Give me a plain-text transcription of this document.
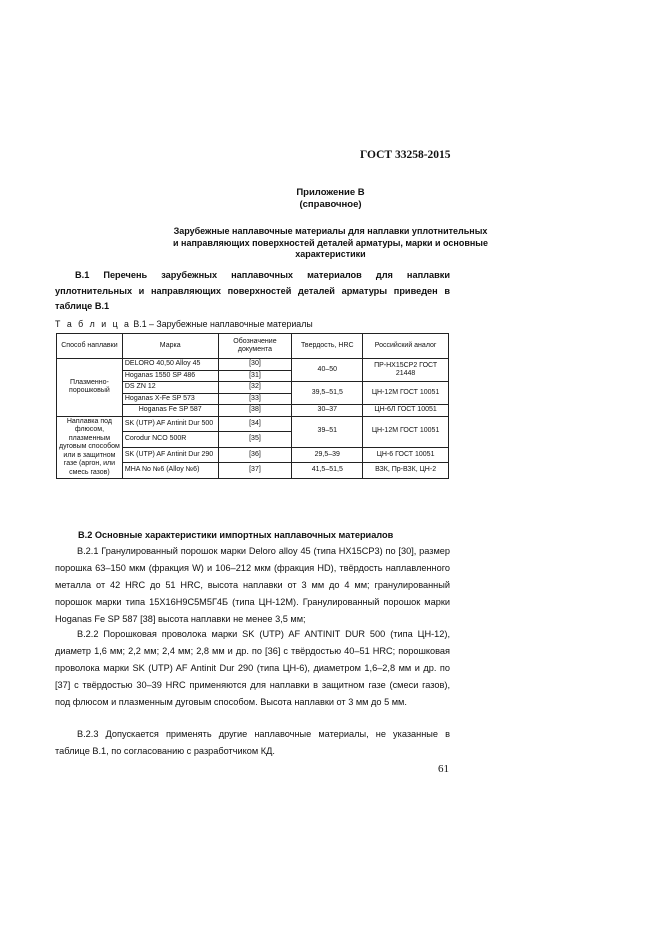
ГОСТ 33258-2015
Приложение В
(справочное)
Зарубежные наплавочные материалы для наплавки уплотнительных
и направляющих поверхностей деталей арматуры, марки и основные
характеристики
В.1 Перечень зарубежных наплавочных материалов для наплавки уплотнительных и направляющих поверхностей деталей арматуры приведен в таблице В.1
Т а б л и ц а В.1 – Зарубежные наплавочные материалы
Способ наплавки	Марка	Обозначение документа	Твердость, HRC	Российский аналог
Плазменно-порошковый	DELORO 40,50 Alloy 45	[30]	40–50	ПР-НХ15СР2 ГОСТ 21448
	Hoganas 1550 SP 486	[31]		
	DS ZN 12	[32]	39,5–51,5	ЦН-12М ГОСТ 10051
	Hoganas X-Fe SP 573	[33]		
	Hoganas Fe SP 587	[38]	30–37	ЦН-6Л ГОСТ 10051
Наплавка под флюсом, плазменным дуговым способом или в защитном газе (аргон, или смесь газов)	SK (UTP) AF Antinit Dur 500	[34]	39–51	ЦН-12М ГОСТ 10051
	Corodur NCO 500R	[35]		
	SK (UTP) AF Antinit Dur 290	[36]	29,5–39	ЦН-6 ГОСТ 10051
	MHA No №6 (Alloy №6)	[37]	41,5–51,5	ВЗК, Пр-ВЗК, ЦН-2
В.2 Основные характеристики импортных наплавочных материалов
В.2.1 Гранулированный порошок марки Deloro alloy 45 (типа НХ15СР3) по [30], размер порошка 63–150 мкм (фракция W) и 106–212 мкм (фракция HD), твёрдость наплавленного металла от 42 HRC до 51 HRC, высота наплавки от 3 мм до 4 мм; гранулированный порошок марки типа 15Х16Н9С5М5Г4Б (типа ЦН-12М). Гранулированный порошок марки Hoganas Fe SP 587 [38] высота наплавки не менее 3,5 мм;
В.2.2 Порошковая проволока марки SK (UTP) AF ANTINIT DUR 500 (типа ЦН-12), диаметр 1,6 мм; 2,2 мм; 2,4 мм; 2,8 мм и др. по [36] с твёрдостью 40–51 HRC; порошковая проволока марки SK (UTP) AF Antinit Dur 290 (типа ЦН-6), диаметром 1,6–2,8 мм и др. по [37] с твёрдостью 30–39 HRC применяются для наплавки в защитном газе (смеси газов), под флюсом и плазменным дуговым способом. Высота наплавки от 3 мм до 5 мм.
В.2.3 Допускается применять другие наплавочные материалы, не указанные в таблице В.1, по согласованию с разработчиком КД.
61
